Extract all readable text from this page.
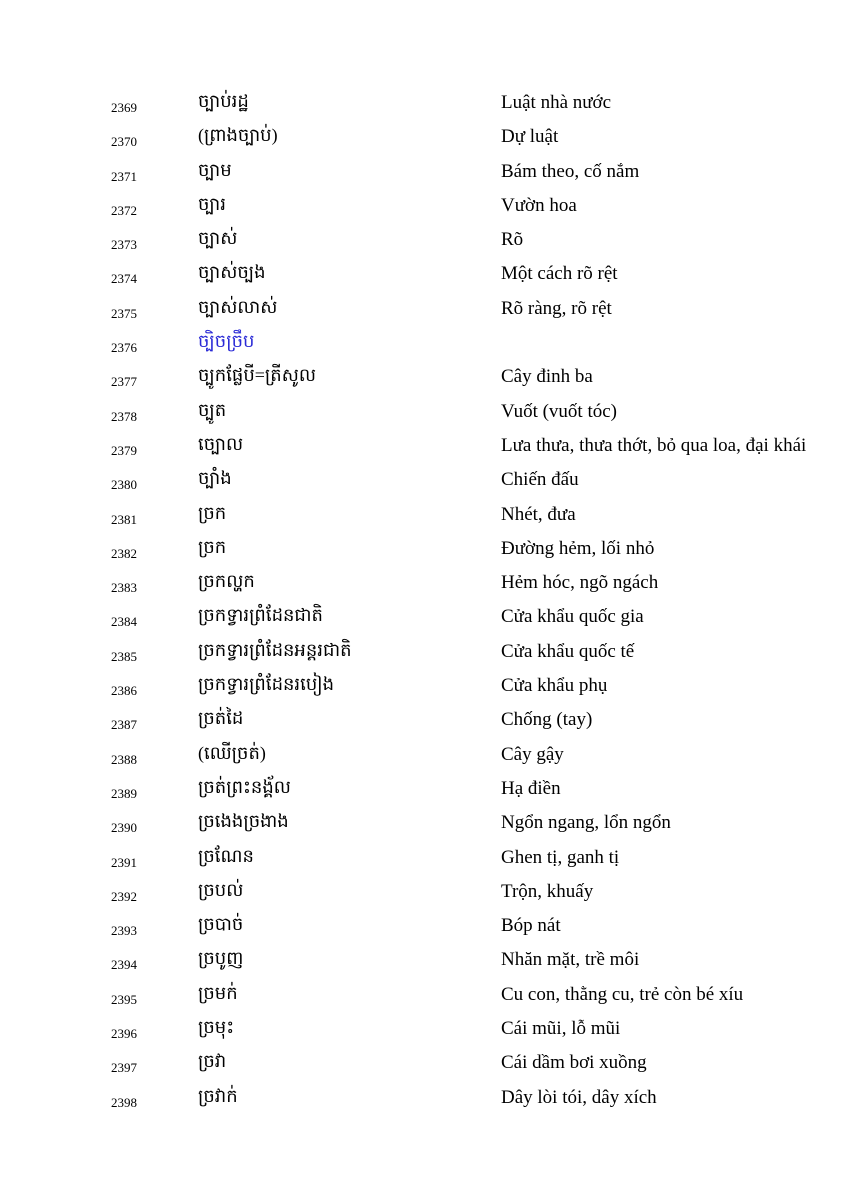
2369	ច្បាប់រដ្ឋ	Luật nhà nước
2370	(ព្រាងច្បាប់)	Dự luật
2371	ច្បាម	Bám theo, cố nắm
2372	ច្បារ	Vườn hoa
2373	ច្បាស់	Rõ
2374	ច្បាស់ច្បង	Một cách rõ rệt
2375	ច្បាស់លាស់	Rõ ràng, rõ rệt
2376	ច្បិចច្រឹប
2377	ច្បូកផ្លែបី=ត្រីសូល	Cây đinh ba
2378	ច្បូត	Vuốt (vuốt tóc)
2379	ច្បោល	Lưa thưa, thưa thớt, bỏ qua loa, đại khái
2380	ច្បាំង	Chiến đấu
2381	ច្រក	Nhét, đưa
2382	ច្រក	Đường hẻm, lối nhỏ
2383	ច្រកល្ហក	Hẻm hóc, ngõ ngách
2384	ច្រកទ្វារព្រំដែនជាតិ	Cửa khẩu quốc gia
2385	ច្រកទ្វារព្រំដែនអន្តរជាតិ	Cửa khẩu quốc tế
2386	ច្រកទ្វារព្រំដែនរបៀង	Cửa khẩu phụ
2387	ច្រត់ដៃ	Chống (tay)
2388	(ឈើច្រត់)	Cây gậy
2389	ច្រត់ព្រះនង្គ័ល	Hạ điền
2390	ច្រងេងច្រងាង	Ngổn ngang, lổn ngổn
2391	ច្រណែន	Ghen tị, ganh tị
2392	ច្របល់	Trộn, khuấy
2393	ច្របាច់	Bóp nát
2394	ច្របូញ	Nhăn mặt, trề môi
2395	ច្រមក់	Cu con, thằng cu, trẻ còn bé xíu
2396	ច្រមុះ	Cái mũi, lỗ mũi
2397	ច្រវា	Cái dầm bơi xuồng
2398	ច្រវាក់	Dây lòi tói, dây xích
